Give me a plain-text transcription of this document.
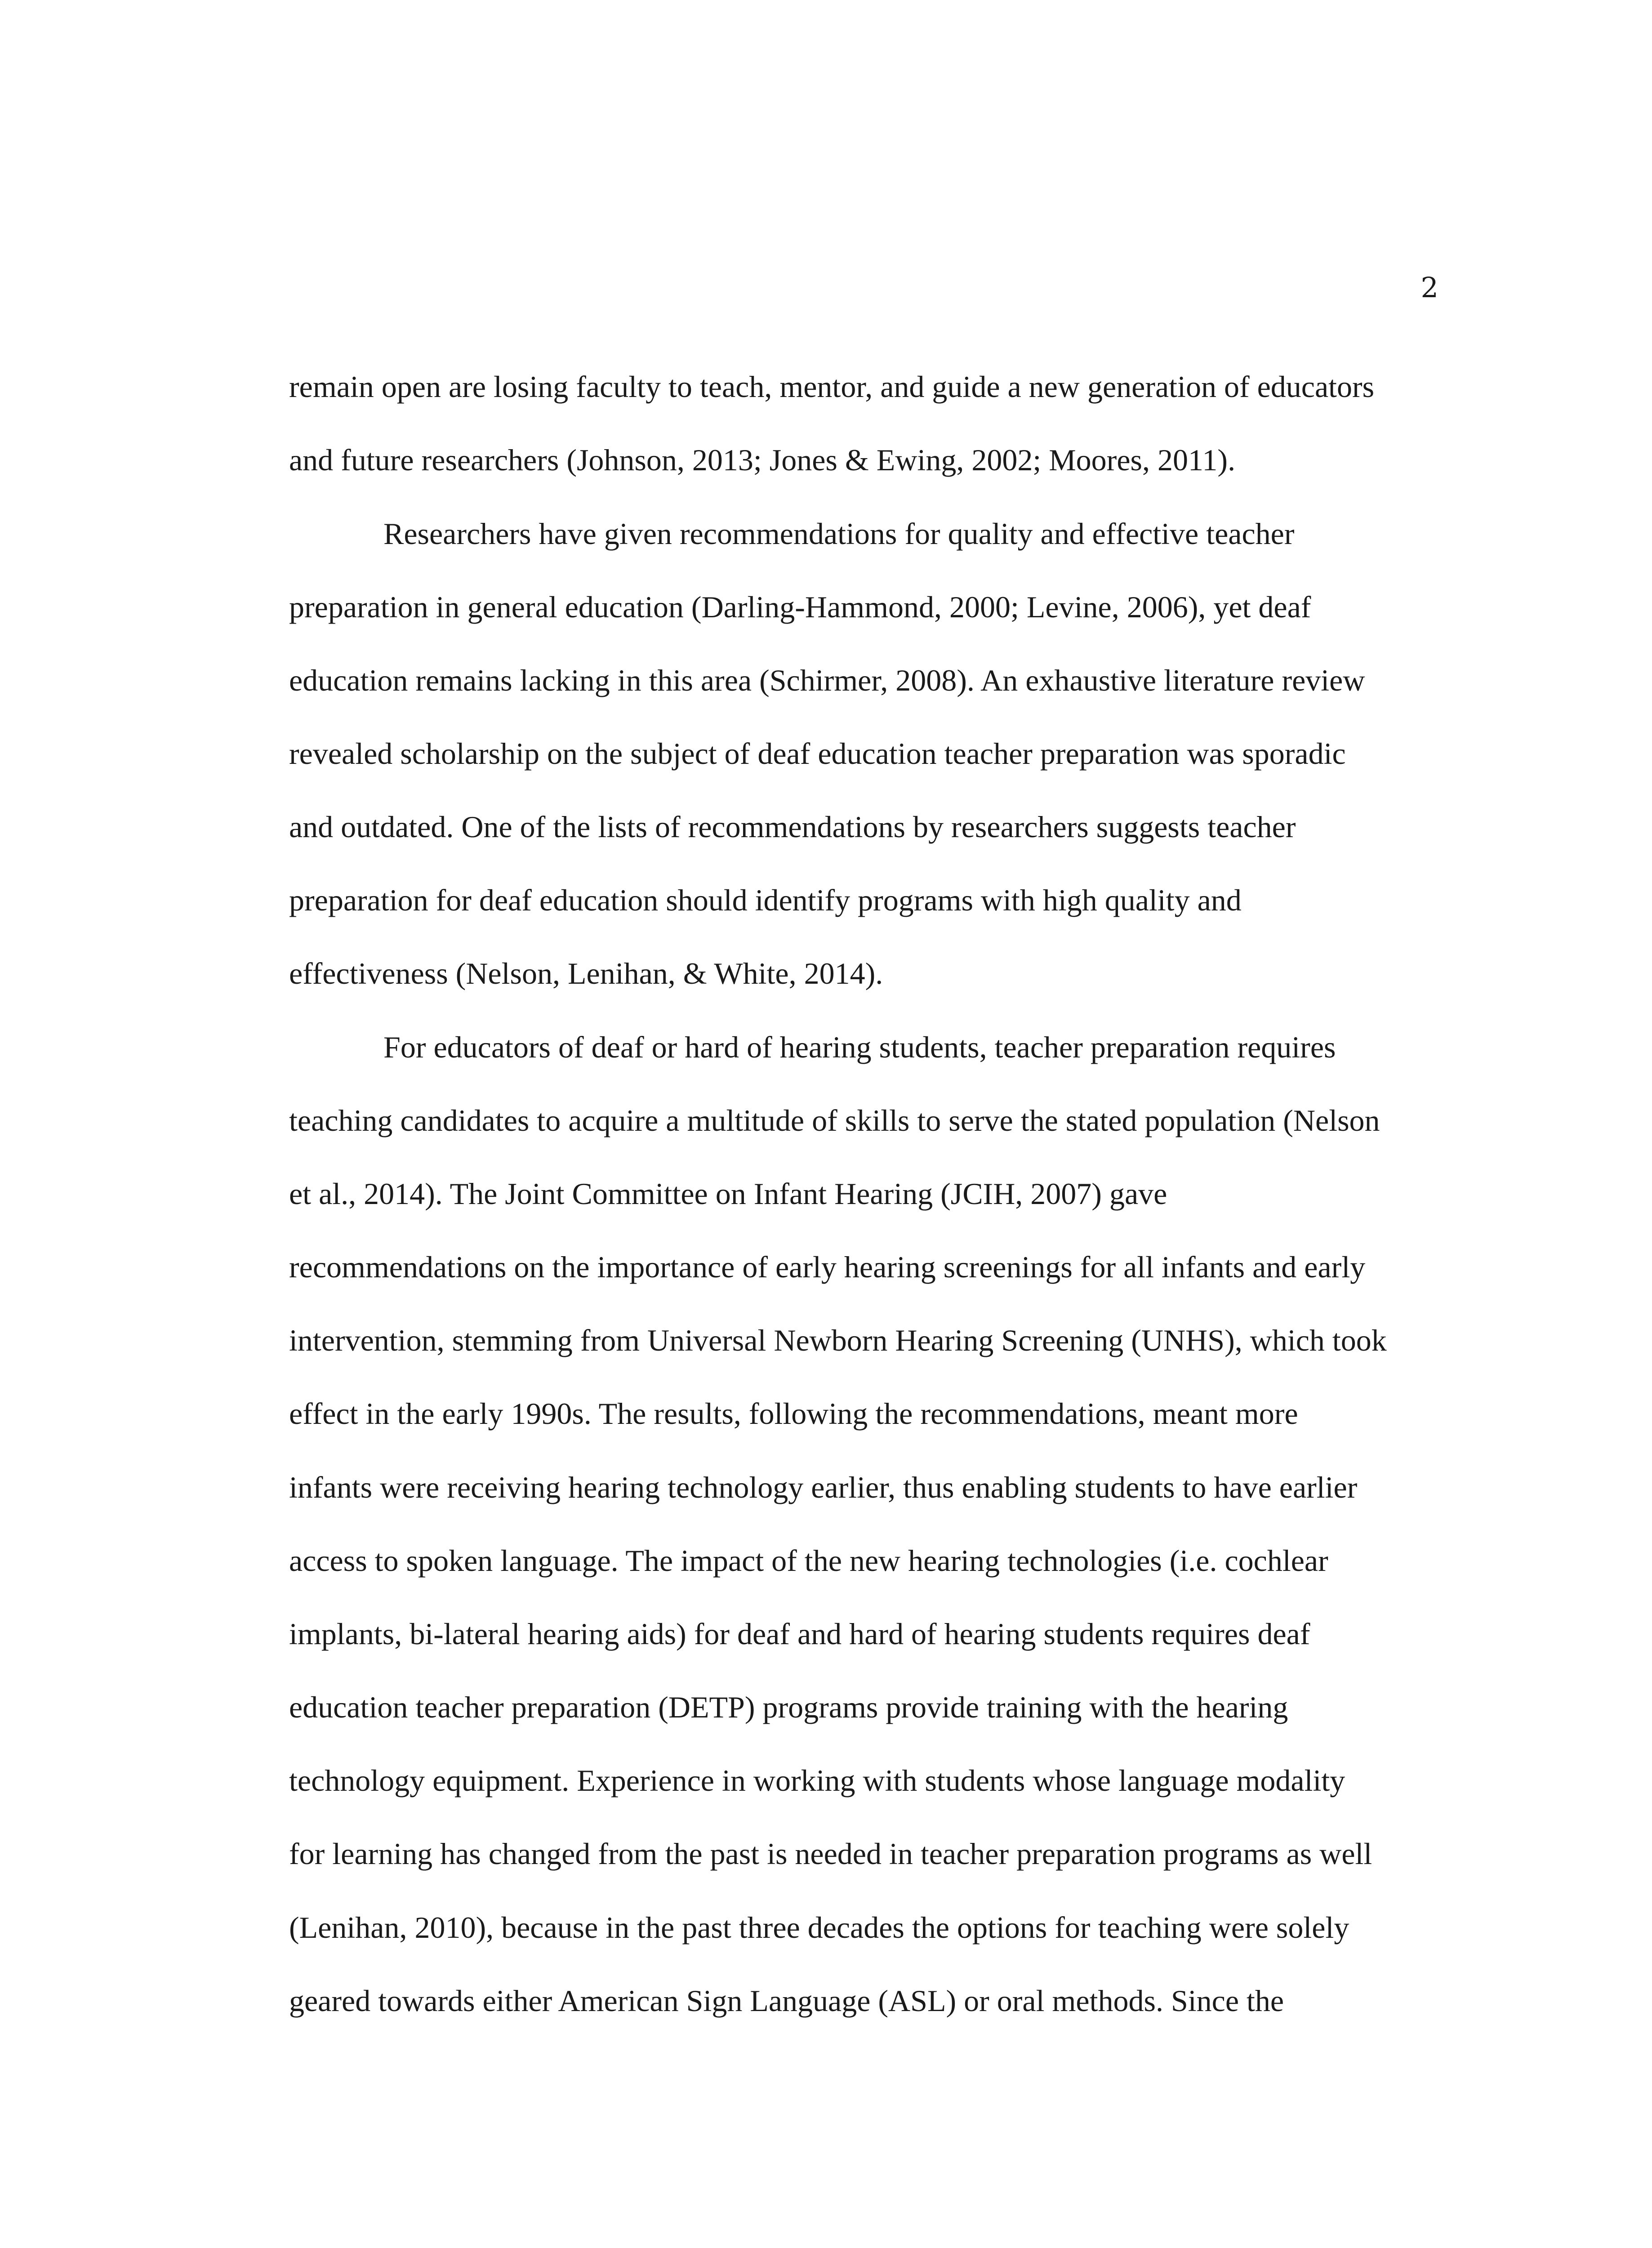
2

remain open are losing faculty to teach, mentor, and guide a new generation of educators

and future researchers (Johnson, 2013; Jones & Ewing, 2002; Moores, 2011).

Researchers have given recommendations for quality and effective teacher

preparation in general education (Darling-Hammond, 2000; Levine, 2006), yet deaf

education remains lacking in this area (Schirmer, 2008). An exhaustive literature review

revealed scholarship on the subject of deaf education teacher preparation was sporadic

and outdated. One of the lists of recommendations by researchers suggests teacher

preparation for deaf education should identify programs with high quality and

effectiveness (Nelson, Lenihan, & White, 2014).

For educators of deaf or hard of hearing students, teacher preparation requires

teaching candidates to acquire a multitude of skills to serve the stated population (Nelson

et al., 2014). The Joint Committee on Infant Hearing (JCIH, 2007) gave

recommendations on the importance of early hearing screenings for all infants and early

intervention, stemming from Universal Newborn Hearing Screening (UNHS), which took

effect in the early 1990s. The results, following the recommendations, meant more

infants were receiving hearing technology earlier, thus enabling students to have earlier

access to spoken language. The impact of the new hearing technologies (i.e. cochlear

implants, bi-lateral hearing aids) for deaf and hard of hearing students requires deaf

education teacher preparation (DETP) programs provide training with the hearing

technology equipment. Experience in working with students whose language modality

for learning has changed from the past is needed in teacher preparation programs as well

(Lenihan, 2010), because in the past three decades the options for teaching were solely

geared towards either American Sign Language (ASL) or oral methods. Since the
